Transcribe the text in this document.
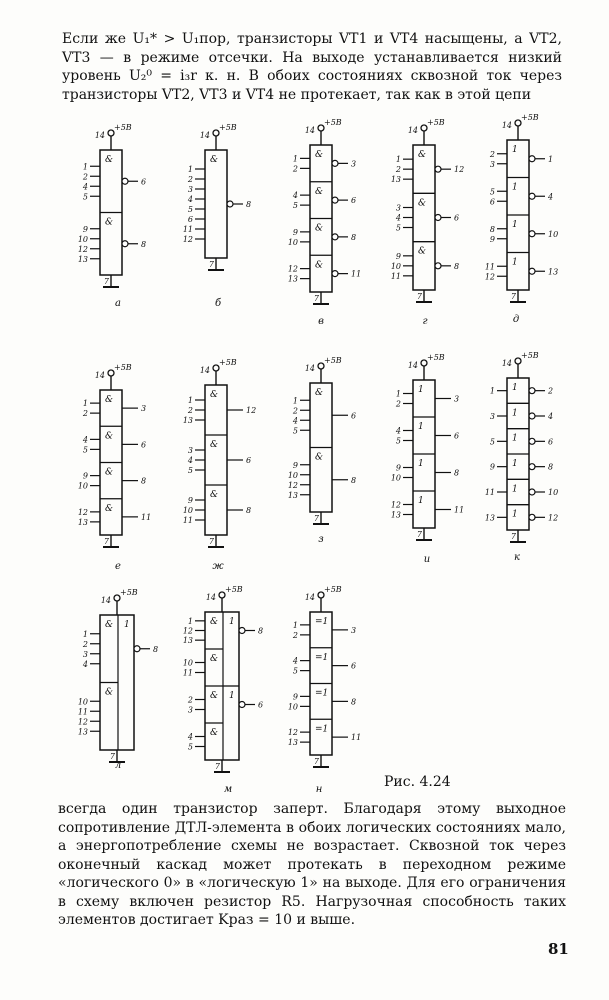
Если же U₁* > U₁пор, транзисторы VT1 и VT4 насыщены, а VT2, VT3 — в режиме отсечки. На выходе устанавливается низкий уровень U₂⁰ = i₃r к. н. В обоих состояниях сквозной ток через транзисторы VT2, VT3 и VT4 не протекает, так как в этой цепи

14
+5В
7
&
1
2
4
5
6
&
9
10
12
13
8
а
14
+5В
7
&
1
2
3
4
5
6
11
12
8
б
14
+5В
7
&
1
2
3
&
4
5
6
&
9
10
8
&
12
13
11
в
14
+5В
7
&
1
2
13
12
&
3
4
5
6
&
9
10
11
8
г
14
+5В
7
1
2
3
1
1
5
6
4
1
8
9
10
1
11
12
13
д
14
+5В
7
&
1
2
3
&
4
5
6
&
9
10
8
&
12
13
11
е
14
+5В
7
&
1
2
13
12
&
3
4
5
6
&
9
10
11
8
ж
14
+5В
7
&
1
2
4
5
6
&
9
10
12
13
8
з
14
+5В
7
1
1
2
3
1
4
5
6
1
9
10
8
1
12
13
11
и
14
+5В
7
1
1	2
1
3	4
1
5	6
1
9	8
1
11	10
1
13	12
к
14
+5В
7
& 1
1
2
3
4
8
&
10
11
12
13
л
14
+5В
7
& 1
1
12
13
8
&
10
11
& 1
2
3
6
&
4
5
м
14
+5В
7
=1
1
2
3
=1
4
5
6
=1
9
10
8
=1
12
13
11
н	Рис. 4.24

всегда один транзистор заперт. Благодаря этому выходное сопротивление ДТЛ-элемента в обоих логических состояниях мало, а энергопотребление схемы не возрастает. Сквозной ток через оконечный каскад может протекать в переходном режиме «логического 0» в «логическую 1» на выходе. Для его ограничения в схему включен резистор R5. Нагрузочная способность таких элементов достигает Kраз = 10 и выше.

81
